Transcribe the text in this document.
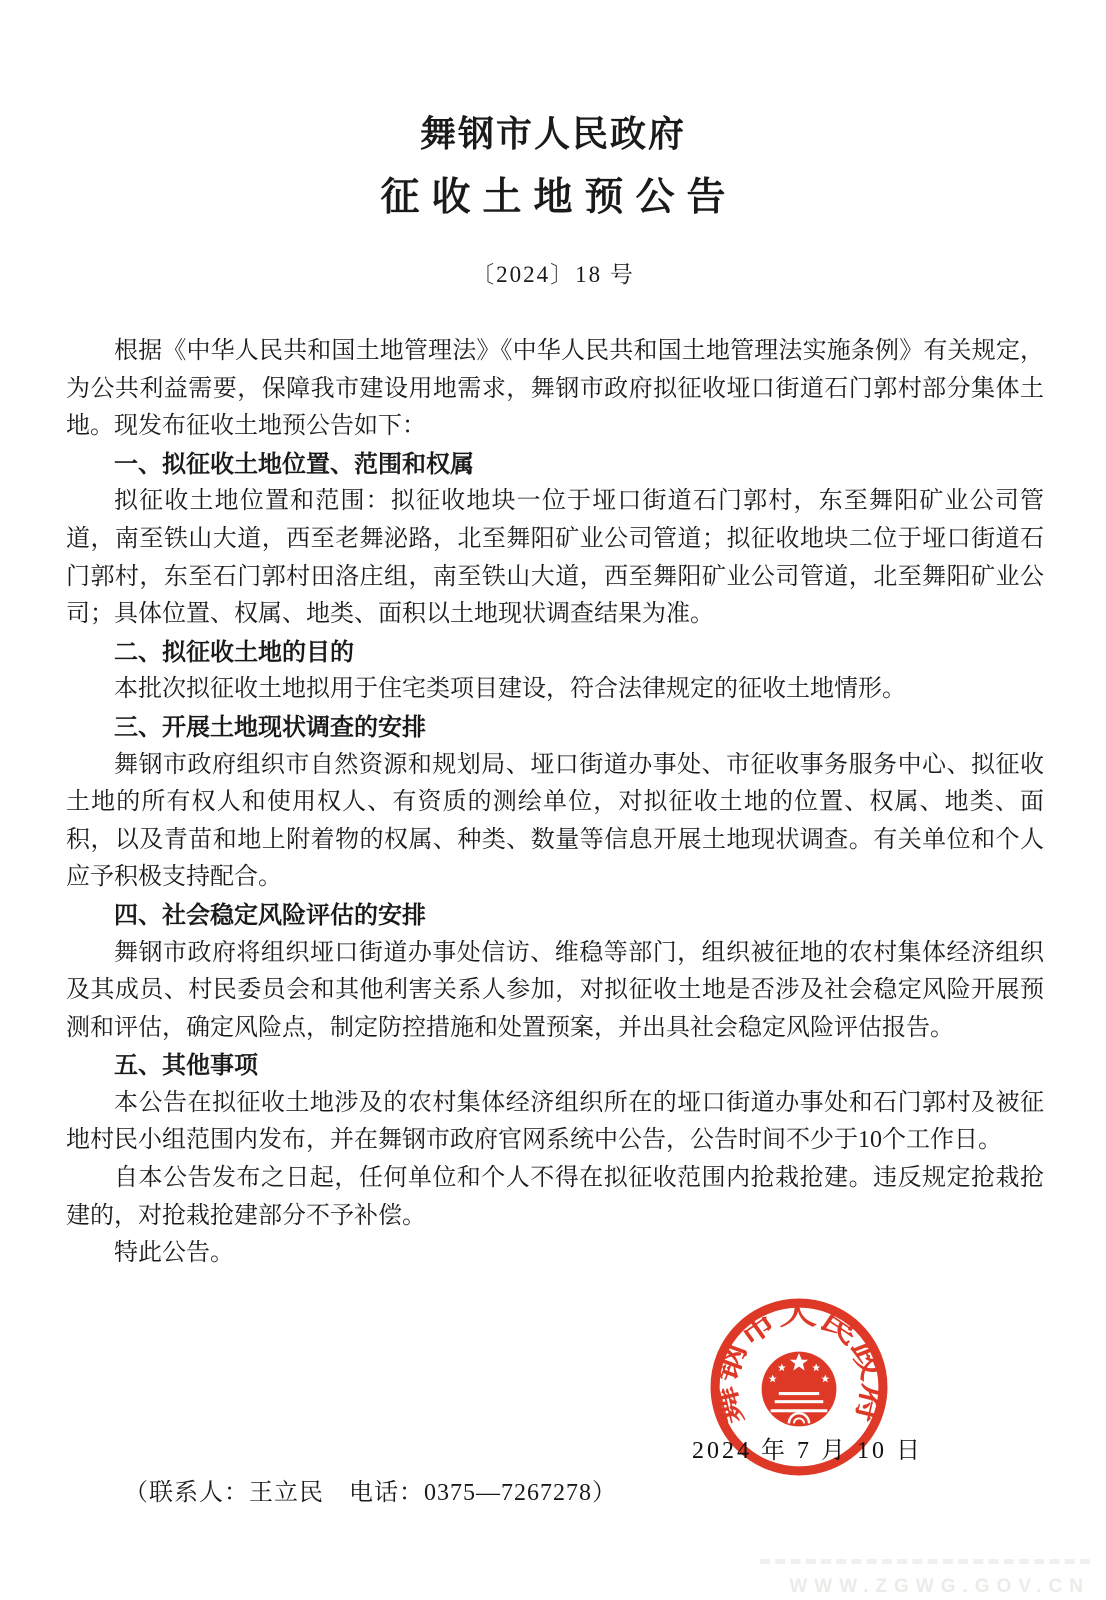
舞钢市人民政府
征收土地预公告
〔2024〕18 号

根据《中华人民共和国土地管理法》《中华人民共和国土地管理法实施条例》有关规定，为公共利益需要，保障我市建设用地需求，舞钢市政府拟征收垭口街道石门郭村部分集体土地。现发布征收土地预公告如下：

一、拟征收土地位置、范围和权属

拟征收土地位置和范围：拟征收地块一位于垭口街道石门郭村，东至舞阳矿业公司管道，南至铁山大道，西至老舞泌路，北至舞阳矿业公司管道；拟征收地块二位于垭口街道石门郭村，东至石门郭村田洛庄组，南至铁山大道，西至舞阳矿业公司管道，北至舞阳矿业公司；具体位置、权属、地类、面积以土地现状调查结果为准。

二、拟征收土地的目的

本批次拟征收土地拟用于住宅类项目建设，符合法律规定的征收土地情形。

三、开展土地现状调查的安排

舞钢市政府组织市自然资源和规划局、垭口街道办事处、市征收事务服务中心、拟征收土地的所有权人和使用权人、有资质的测绘单位，对拟征收土地的位置、权属、地类、面积，以及青苗和地上附着物的权属、种类、数量等信息开展土地现状调查。有关单位和个人应予积极支持配合。

四、社会稳定风险评估的安排

舞钢市政府将组织垭口街道办事处信访、维稳等部门，组织被征地的农村集体经济组织及其成员、村民委员会和其他利害关系人参加，对拟征收土地是否涉及社会稳定风险开展预测和评估，确定风险点，制定防控措施和处置预案，并出具社会稳定风险评估报告。

五、其他事项

本公告在拟征收土地涉及的农村集体经济组织所在的垭口街道办事处和石门郭村及被征地村民小组范围内发布，并在舞钢市政府官网系统中公告，公告时间不少于10个工作日。

自本公告发布之日起，任何单位和个人不得在拟征收范围内抢栽抢建。违反规定抢栽抢建的，对抢栽抢建部分不予补偿。

特此公告。

舞钢市人民政府
2024 年 7 月 10 日
（联系人：王立民　电话：0375—7267278）
WWW.ZGWG.GOV.CN
